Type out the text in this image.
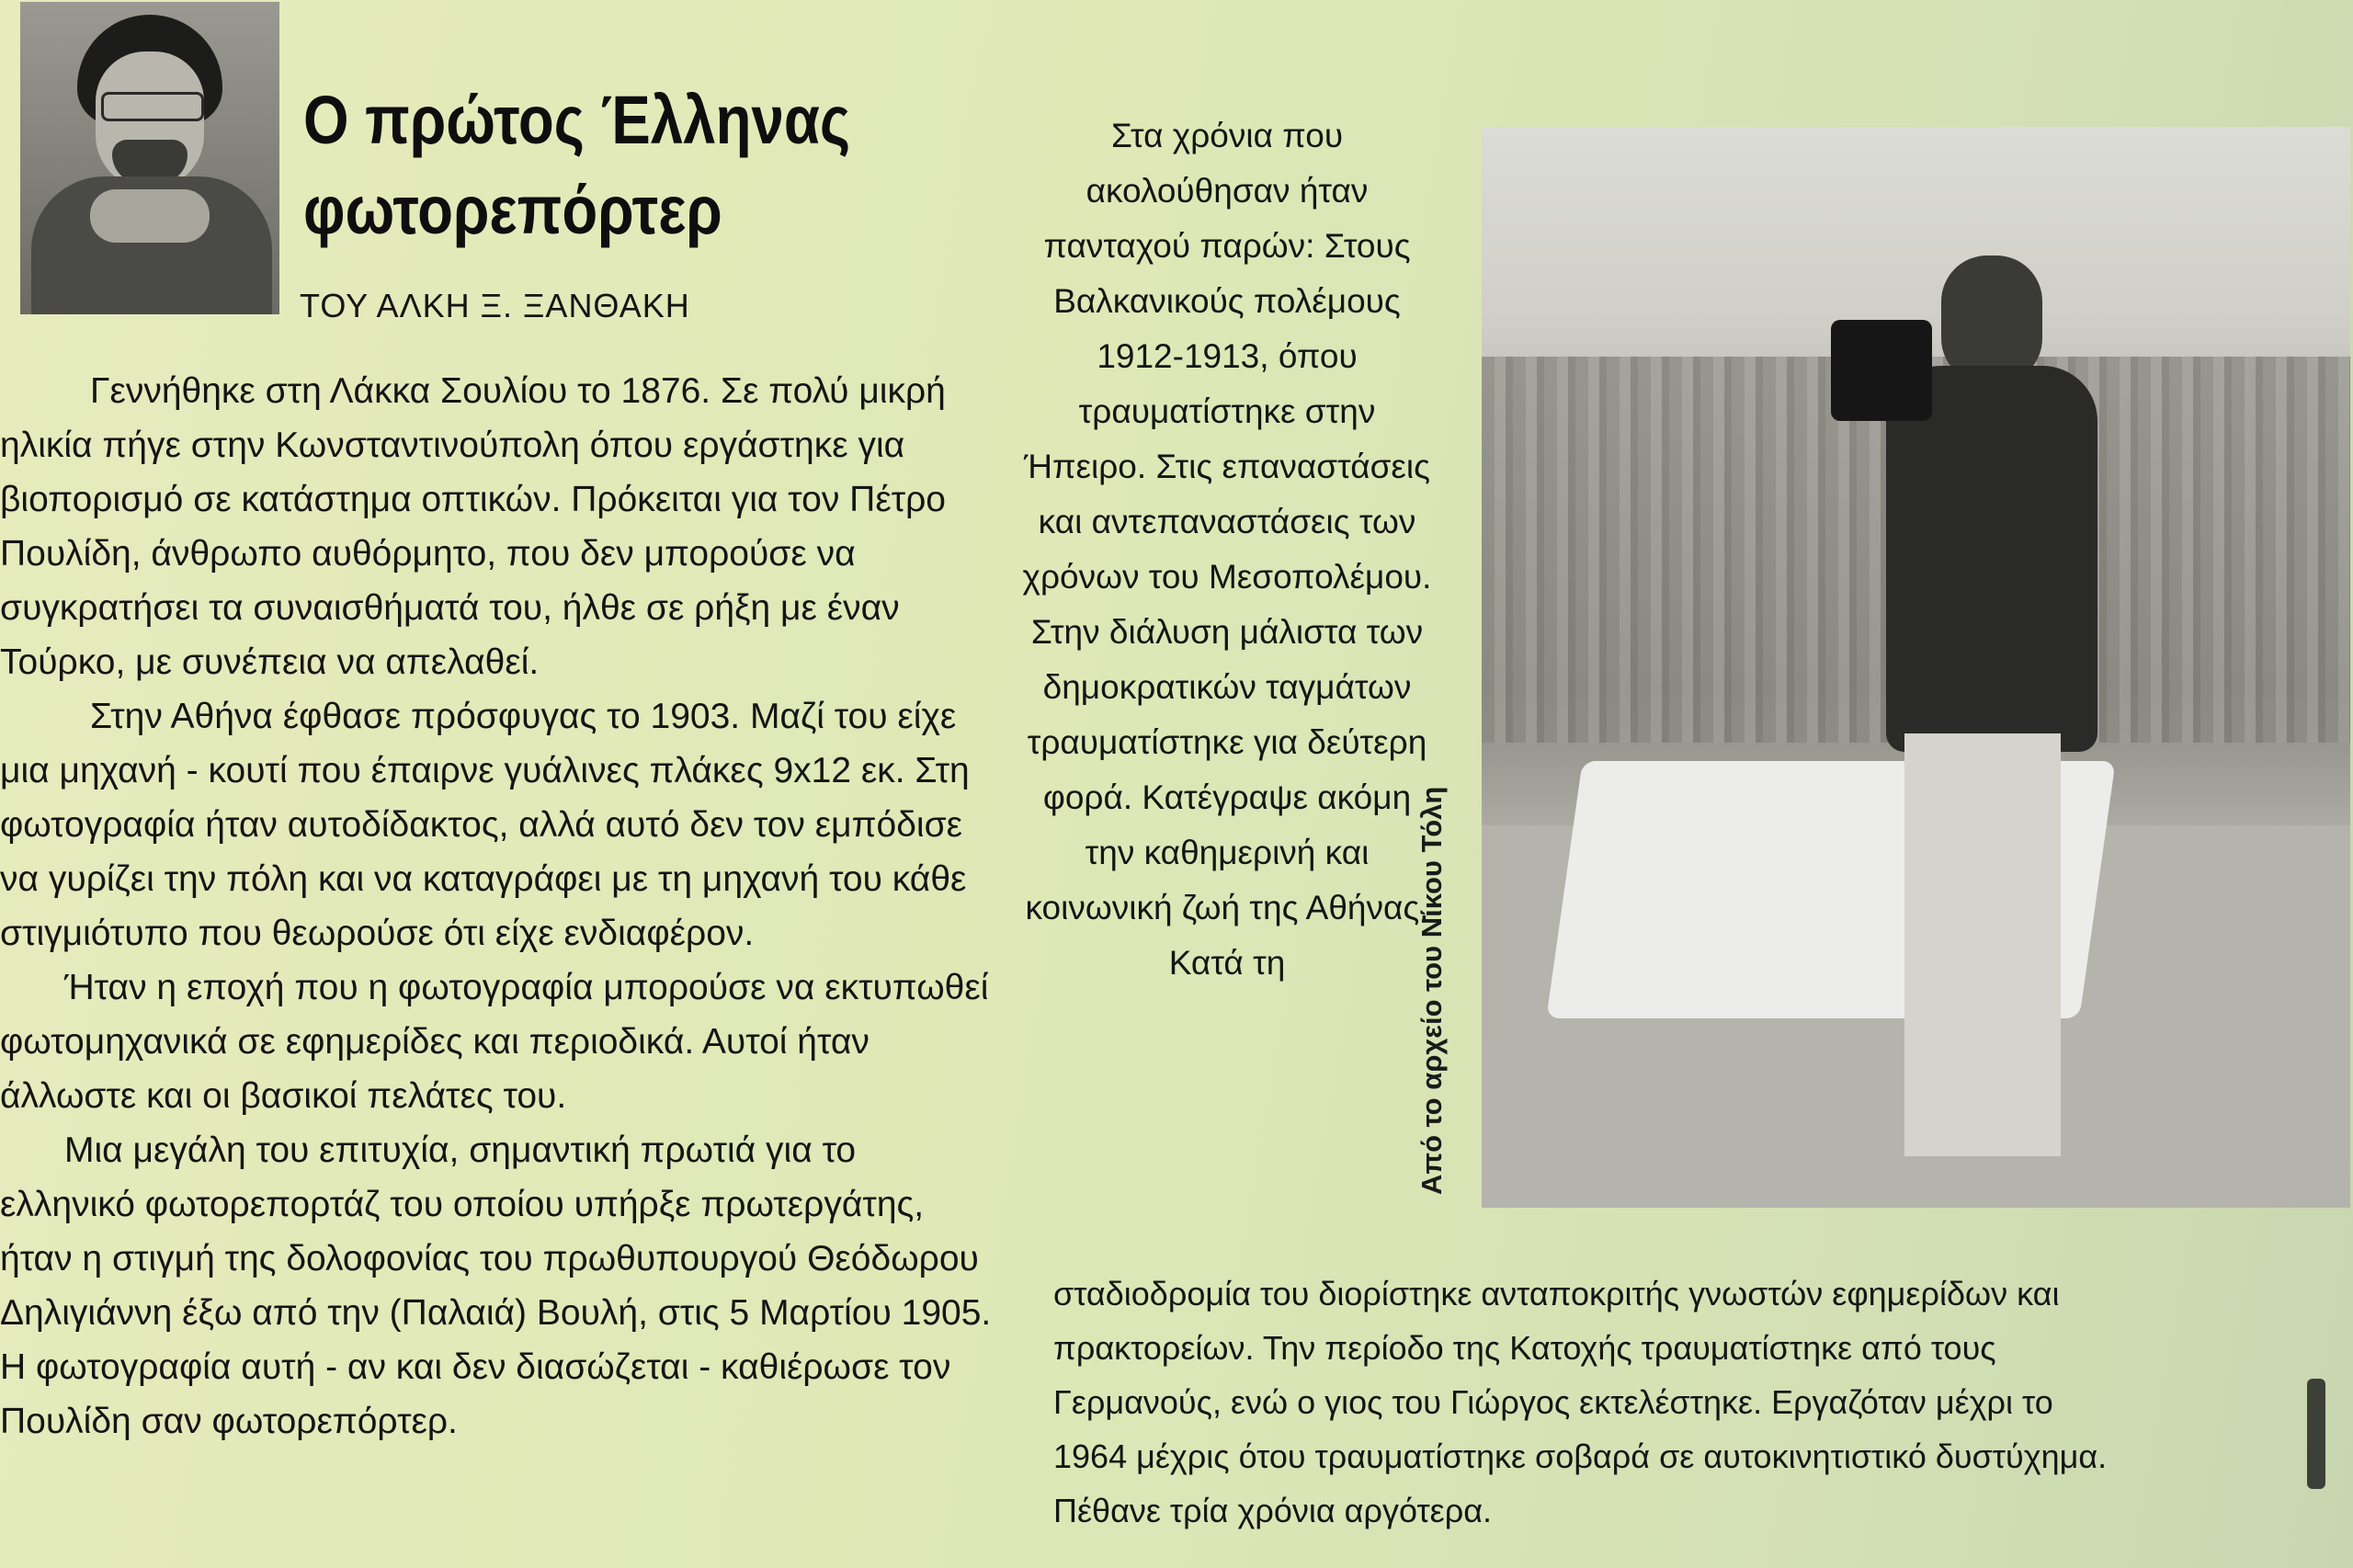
Ο πρώτος Έλληνας
φωτορεπόρτερ
ΤΟΥ ΑΛΚΗ Ξ. ΞΑΝΘΑΚΗ

Γεννήθηκε στη Λάκκα Σουλίου το 1876. Σε πολύ μικρή ηλικία πήγε στην Κωνσταντινούπολη όπου εργάστηκε για βιοπορισμό σε κατάστημα οπτικών. Πρόκειται για τον Πέτρο Πουλίδη, άνθρωπο αυθόρμητο, που δεν μπορούσε να συγκρατήσει τα συναισθήματά του, ήλθε σε ρήξη με έναν Τούρκο, με συνέπεια να απελαθεί.

Στην Αθήνα έφθασε πρόσφυγας το 1903. Μαζί του είχε μια μηχανή - κουτί που έπαιρνε γυάλινες πλάκες 9x12 εκ. Στη φωτογραφία ήταν αυτοδίδακτος, αλλά αυτό δεν τον εμπόδισε να γυρίζει την πόλη και να καταγράφει με τη μηχανή του κάθε στιγμιότυπο που θεωρούσε ότι είχε ενδιαφέρον.

Ήταν η εποχή που η φωτογραφία μπορούσε να εκτυπωθεί φωτομηχανικά σε εφημερίδες και περιοδικά. Αυτοί ήταν άλλωστε και οι βασικοί πελάτες του.

Μια μεγάλη του επιτυχία, σημαντική πρωτιά για το ελληνικό φωτορεπορτάζ του οποίου υπήρξε πρωτεργάτης, ήταν η στιγμή της δολοφονίας του πρωθυπουργού Θεόδωρου Δηλιγιάννη έξω από την (Παλαιά) Βουλή, στις 5 Μαρτίου 1905. Η φωτογραφία αυτή - αν και δεν διασώζεται - καθιέρωσε τον Πουλίδη σαν φωτορεπόρτερ.

Στα χρόνια που ακολούθησαν ήταν πανταχού παρών: Στους Βαλκανικούς πολέμους 1912-1913, όπου τραυματίστηκε στην Ήπειρο. Στις επαναστάσεις και αντεπαναστάσεις των χρόνων του Μεσοπολέμου. Στην διάλυση μάλιστα των δημοκρατικών ταγμάτων τραυματίστηκε για δεύτερη φορά. Κατέγραψε ακόμη την καθημερινή και κοινωνική ζωή της Αθήνας. Κατά τη	Από το αρχείο του Νίκου Τόλη

σταδιοδρομία του διορίστηκε ανταποκριτής γνωστών εφημερίδων και πρακτορείων. Την περίοδο της Κατοχής τραυματίστηκε από τους Γερμανούς, ενώ ο γιος του Γιώργος εκτελέστηκε. Εργαζόταν μέχρι το 1964 μέχρις ότου τραυματίστηκε σοβαρά σε αυτοκινητιστικό δυστύχημα. Πέθανε τρία χρόνια αργότερα.
